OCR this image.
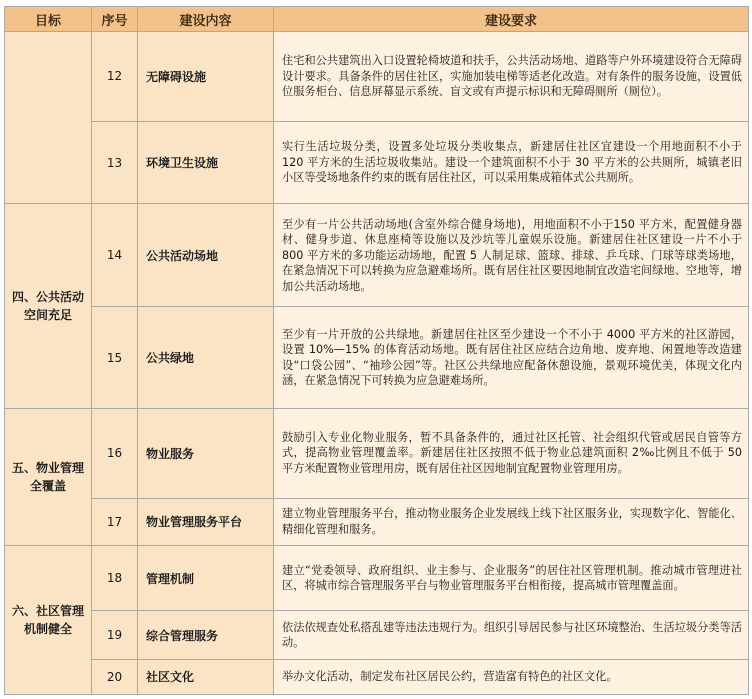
目标	序号	建设内容	建设要求
	12	无障碍设施	住宅和公共建筑出入口设置轮椅坡道和扶手，公共活动场地、道路等户外环境建设符合无障碍设计要求。具备条件的居住社区，实施加装电梯等适老化改造。对有条件的服务设施，设置低位服务柜台、信息屏幕显示系统、盲文或有声提示标识和无障碍厕所（厕位）。
	13	环境卫生设施	实行生活垃圾分类，设置多处垃圾分类收集点，新建居住社区宜建设一个用地面积不小于 120 平方米的生活垃圾收集站。建设一个建筑面积不小于 30 平方米的公共厕所，城镇老旧小区等受场地条件约束的既有居住社区，可以采用集成箱体式公共厕所。
四、公共活动空间充足	14	公共活动场地	至少有一片公共活动场地(含室外综合健身场地)，用地面积不小于150 平方米，配置健身器材、健身步道、休息座椅等设施以及沙坑等儿童娱乐设施。新建居住社区建设一片不小于 800 平方米的多功能运动场地，配置 5 人制足球、篮球、排球、乒乓球、门球等球类场地，在紧急情况下可以转换为应急避难场所。既有居住社区要因地制宜改造宅间绿地、空地等，增加公共活动场地。
	15	公共绿地	至少有一片开放的公共绿地。新建居住社区至少建设一个不小于 4000 平方米的社区游园，设置 10%—15% 的体育活动场地。既有居住社区应结合边角地、废弃地、闲置地等改造建设“口袋公园”、“袖珍公园”等。社区公共绿地应配备休憩设施，景观环境优美，体现文化内涵，在紧急情况下可转换为应急避难场所。
五、物业管理全覆盖	16	物业服务	鼓励引入专业化物业服务，暂不具备条件的，通过社区托管、社会组织代管或居民自管等方式，提高物业管理覆盖率。新建居住社区按照不低于物业总建筑面积 2‰比例且不低于 50 平方米配置物业管理用房，既有居住社区因地制宜配置物业管理用房。
	17	物业管理服务平台	建立物业管理服务平台，推动物业服务企业发展线上线下社区服务业，实现数字化、智能化、精细化管理和服务。
六、社区管理机制健全	18	管理机制	建立“党委领导、政府组织、业主参与、企业服务”的居住社区管理机制。推动城市管理进社区，将城市综合管理服务平台与物业管理服务平台相衔接，提高城市管理覆盖面。
	19	综合管理服务	依法依规查处私搭乱建等违法违规行为。组织引导居民参与社区环境整治、生活垃圾分类等活动。
	20	社区文化	举办文化活动，制定发布社区居民公约，营造富有特色的社区文化。
